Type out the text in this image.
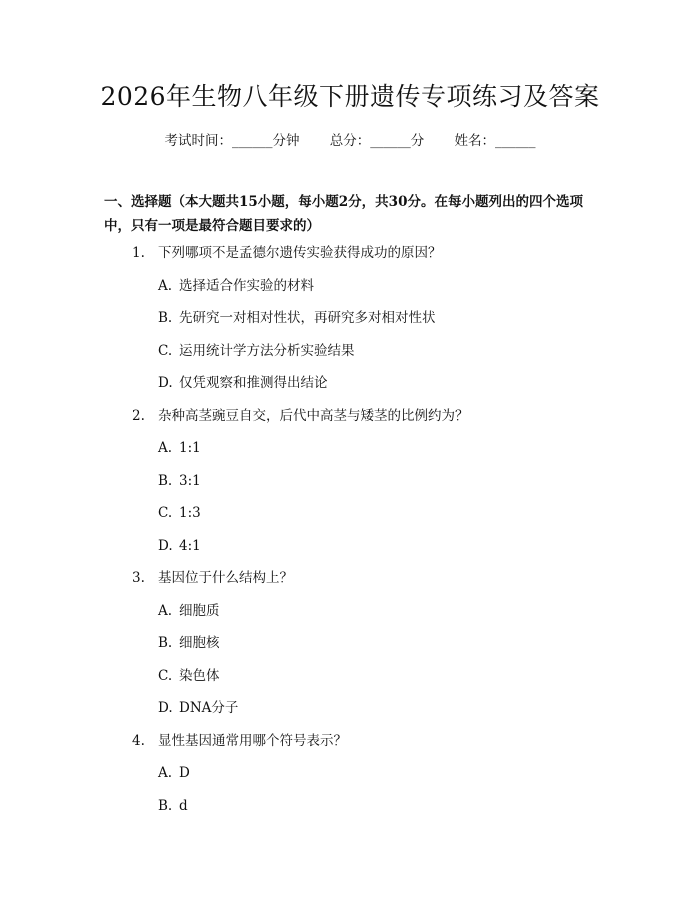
2026年生物八年级下册遗传专项练习及答案
考试时间：______分钟 总分：______分 姓名：______
一、选择题（本大题共15小题，每小题2分，共30分。在每小题列出的四个选项中，只有一项是最符合题目要求的）
1. 下列哪项不是孟德尔遗传实验获得成功的原因？
A. 选择适合作实验的材料
B. 先研究一对相对性状，再研究多对相对性状
C. 运用统计学方法分析实验结果
D. 仅凭观察和推测得出结论
2. 杂种高茎豌豆自交，后代中高茎与矮茎的比例约为？
A. 1:1
B. 3:1
C. 1:3
D. 4:1
3. 基因位于什么结构上？
A. 细胞质
B. 细胞核
C. 染色体
D. DNA分子
4. 显性基因通常用哪个符号表示？
A. D
B. d
